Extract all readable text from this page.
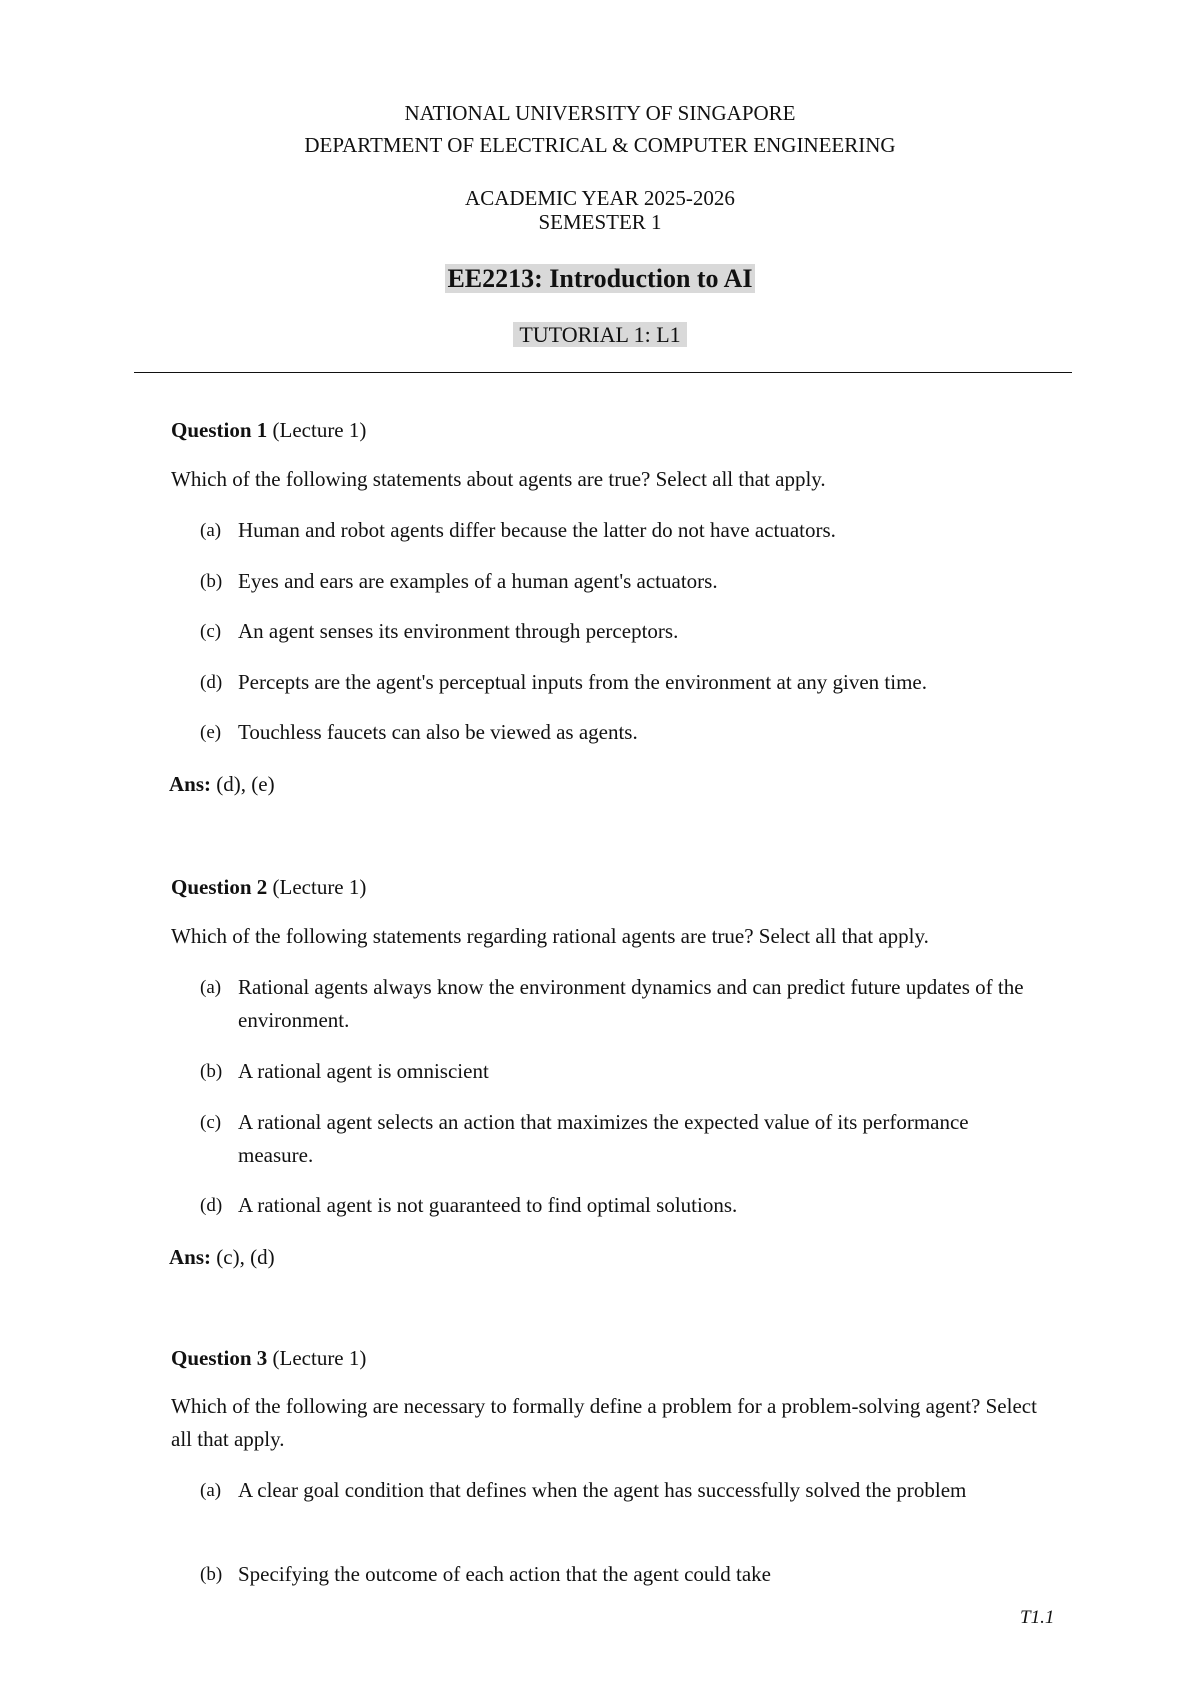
NATIONAL UNIVERSITY OF SINGAPORE
DEPARTMENT OF ELECTRICAL & COMPUTER ENGINEERING
ACADEMIC YEAR 2025-2026
SEMESTER 1
EE2213: Introduction to AI
TUTORIAL 1: L1
Question 1 (Lecture 1)
Which of the following statements about agents are true? Select all that apply.
(a) Human and robot agents differ because the latter do not have actuators.
(b) Eyes and ears are examples of a human agent's actuators.
(c) An agent senses its environment through perceptors.
(d) Percepts are the agent's perceptual inputs from the environment at any given time.
(e) Touchless faucets can also be viewed as agents.
Ans: (d), (e)
Question 2 (Lecture 1)
Which of the following statements regarding rational agents are true? Select all that apply.
(a) Rational agents always know the environment dynamics and can predict future updates of the environment.
(b) A rational agent is omniscient
(c) A rational agent selects an action that maximizes the expected value of its performance measure.
(d) A rational agent is not guaranteed to find optimal solutions.
Ans: (c), (d)
Question 3 (Lecture 1)
Which of the following are necessary to formally define a problem for a problem-solving agent? Select all that apply.
(a) A clear goal condition that defines when the agent has successfully solved the problem
(b) Specifying the outcome of each action that the agent could take
T1.1
